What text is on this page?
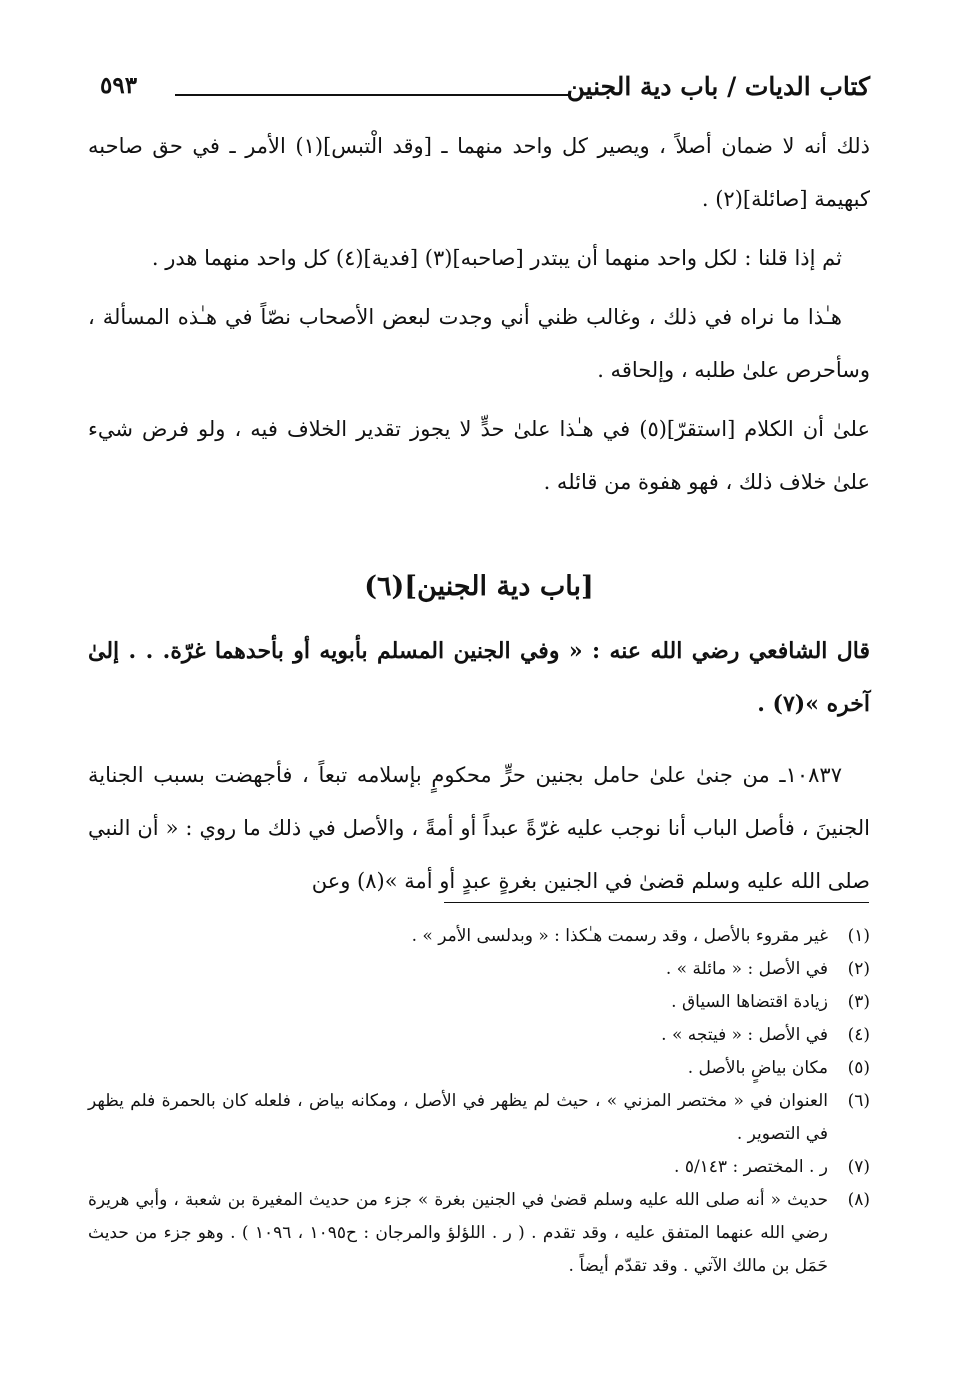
كتاب الديات / باب دية الجنين
٥٩٣

ذلك أنه لا ضمان أصلاً ، ويصير كل واحد منهما ـ [وقد الْتبس](١) الأمر ـ في حق صاحبه كبهيمة [صائلة](٢) .

ثم إذا قلنا : لكل واحد منهما أن يبتدر [صاحبه](٣) [فدية](٤) كل واحد منهما هدر .

هـٰذا ما نراه في ذلك ، وغالب ظني أني وجدت لبعض الأصحاب نصّاً في هـٰذه المسألة ، وسأحرص علىٰ طلبه ، وإلحاقه .

علىٰ أن الكلام [استقرّ](٥) في هـٰذا علىٰ حدٍّ لا يجوز تقدير الخلاف فيه ، ولو فرض شيء علىٰ خلاف ذلك ، فهو هفوة من قائله .

[باب دية الجنين](٦)

قال الشافعي رضي الله عنه : « وفي الجنين المسلم بأبويه أو بأحدهما غرّة. . . إلىٰ آخره »(٧) .

١٠٨٣٧ـ من جنىٰ علىٰ حامل بجنين حرٍّ محكومٍ بإسلامه تبعاً ، فأجهضت بسبب الجناية الجنينَ ، فأصل الباب أنا نوجب عليه غرّةً عبداً أو أمةً ، والأصل في ذلك ما روي : « أن النبي صلى الله عليه وسلم قضىٰ في الجنين بغرةٍ عبدٍ أو أمة »(٨) وعن

(١)
غير مقروء بالأصل ، وقد رسمت هـٰكذا : « وبدلسى الأمر » .
(٢)
في الأصل : « مائلة » .
(٣)
زيادة اقتضاها السياق .
(٤)
في الأصل : « فيتجه » .
(٥)
مكان بياضٍ بالأصل .
(٦)
العنوان في « مختصر المزني » ، حيث لم يظهر في الأصل ، ومكانه بياض ، فلعله كان بالحمرة فلم يظهر في التصوير .
(٧)
ر . المختصر : ٥/١٤٣ .
(٨)
حديث « أنه صلى الله عليه وسلم قضىٰ في الجنين بغرة » جزء من حديث المغيرة بن شعبة ، وأبي هريرة رضي الله عنهما المتفق عليه ، وقد تقدم . ( ر . اللؤلؤ والمرجان : ح١٠٩٥ ، ١٠٩٦ ) . وهو جزء من حديث حَمَل بن مالك الآتي . وقد تقدّم أيضاً .
